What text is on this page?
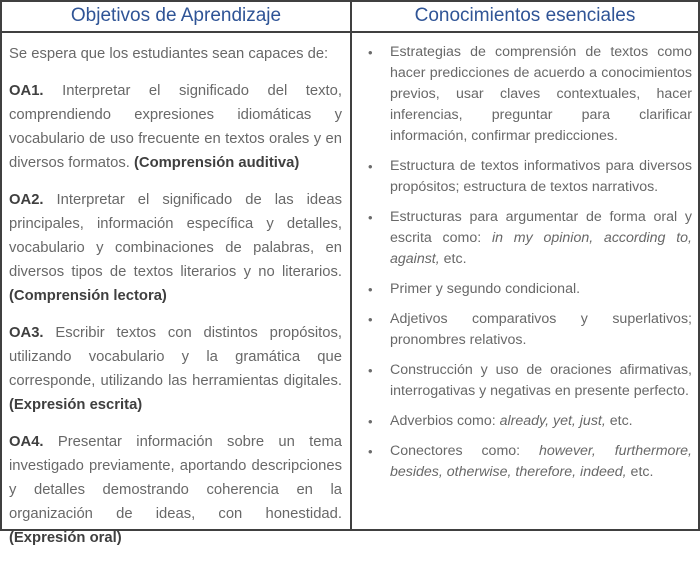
Objetivos de Aprendizaje

Se espera que los estudiantes sean capaces de:

OA1. Interpretar el significado del texto, comprendiendo expresiones idiomáticas y vocabulario de uso frecuente en textos orales y en diversos formatos. (Comprensión auditiva)

OA2. Interpretar el significado de las ideas principales, información específica y detalles, vocabulario y combinaciones de palabras, en diversos tipos de textos literarios y no literarios. (Comprensión lectora)

OA3. Escribir textos con distintos propósitos, utilizando vocabulario y la gramática que corresponde, utilizando las herramientas digitales. (Expresión escrita)

OA4. Presentar información sobre un tema investigado previamente, aportando descripciones y detalles demostrando coherencia en la organización de ideas, con honestidad. (Expresión oral)

Conocimientos esenciales
• Estrategias de comprensión de textos como hacer predicciones de acuerdo a conocimientos previos, usar claves contextuales, hacer inferencias, preguntar para clarificar información, confirmar predicciones.
• Estructura de textos informativos para diversos propósitos; estructura de textos narrativos.
• Estructuras para argumentar de forma oral y escrita como: in my opinion, according to, against, etc.
• Primer y segundo condicional.
• Adjetivos comparativos y superlativos; pronombres relativos.
• Construcción y uso de oraciones afirmativas, interrogativas y negativas en presente perfecto.
• Adverbios como: already, yet, just, etc.
• Conectores como: however, furthermore, besides, otherwise, therefore, indeed, etc.
